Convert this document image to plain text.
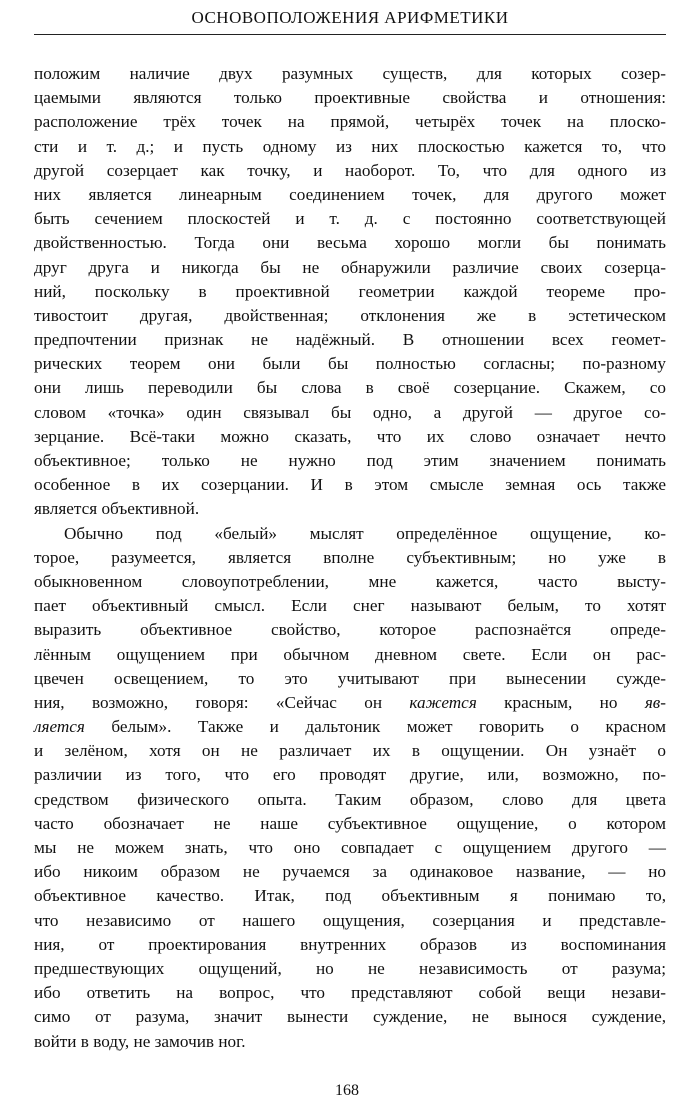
ОСНОВОПОЛОЖЕНИЯ АРИФМЕТИКИ
положим наличие двух разумных существ, для которых созер-
цаемыми являются только проективные свойства и отношения:
расположение трёх точек на прямой, четырёх точек на плоско-
сти и т. д.; и пусть одному из них плоскостью кажется то, что
другой созерцает как точку, и наоборот. То, что для одного из
них является линеарным соединением точек, для другого может
быть сечением плоскостей и т. д. с постоянно соответствующей
двойственностью. Тогда они весьма хорошо могли бы понимать
друг друга и никогда бы не обнаружили различие своих созерца-
ний, поскольку в проективной геометрии каждой теореме про-
тивостоит другая, двойственная; отклонения же в эстетическом
предпочтении признак не надёжный. В отношении всех геомет-
рических теорем они были бы полностью согласны; по-разному
они лишь переводили бы слова в своё созерцание. Скажем, со
словом «точка» один связывал бы одно, а другой — другое со-
зерцание. Всё-таки можно сказать, что их слово означает нечто
объективное; только не нужно под этим значением понимать
особенное в их созерцании. И в этом смысле земная ось также
является объективной.
Обычно под «белый» мыслят определённое ощущение, ко-
торое, разумеется, является вполне субъективным; но уже в
обыкновенном словоупотреблении, мне кажется, часто высту-
пает объективный смысл. Если снег называют белым, то хотят
выразить объективное свойство, которое распознаётся опреде-
лённым ощущением при обычном дневном свете. Если он рас-
цвечен освещением, то это учитывают при вынесении сужде-
ния, возможно, говоря: «Сейчас он кажется красным, но яв-
ляется белым». Также и дальтоник может говорить о красном
и зелёном, хотя он не различает их в ощущении. Он узнаёт о
различии из того, что его проводят другие, или, возможно, по-
средством физического опыта. Таким образом, слово для цвета
часто обозначает не наше субъективное ощущение, о котором
мы не можем знать, что оно совпадает с ощущением другого —
ибо никоим образом не ручаемся за одинаковое название, — но
объективное качество. Итак, под объективным я понимаю то,
что независимо от нашего ощущения, созерцания и представле-
ния, от проектирования внутренних образов из воспоминания
предшествующих ощущений, но не независимость от разума;
ибо ответить на вопрос, что представляют собой вещи незави-
симо от разума, значит вынести суждение, не вынося суждение,
войти в воду, не замочив ног.
168
